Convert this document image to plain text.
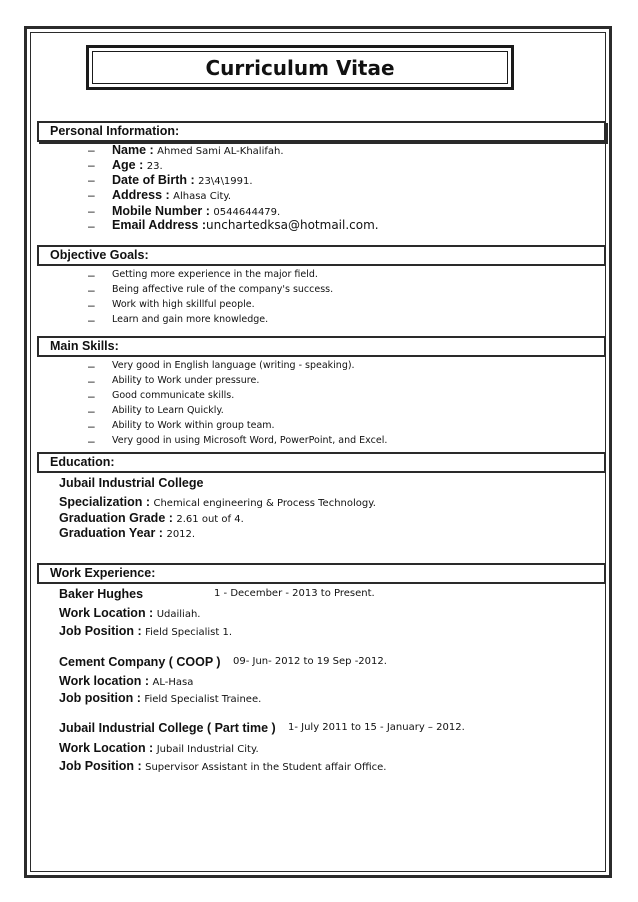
Curriculum Vitae
Personal Information:
– Name : Ahmed Sami AL-Khalifah.
– Age : 23.
– Date of Birth : 23\4\1991.
– Address : Alhasa City.
– Mobile Number : 0544644479.
– Email Address :unchartedksa@hotmail.com.
Objective Goals:
– Getting more experience in the major field.
– Being affective rule of the company's success.
– Work with high skillful people.
– Learn and gain more knowledge.
Main Skills:
– Very good in English language (writing - speaking).
– Ability to Work under pressure.
– Good communicate skills.
– Ability to Learn Quickly.
– Ability to Work within group team.
– Very good in using Microsoft Word, PowerPoint, and Excel.
Education:
Jubail Industrial College
Specialization : Chemical engineering & Process Technology.
Graduation Grade : 2.61 out of 4.
Graduation Year : 2012.
Work Experience:
Baker Hughes	1 - December - 2013 to Present.
Work Location : Udailiah.
Job Position : Field Specialist 1.
Cement Company ( COOP ) 09- Jun- 2012 to 19 Sep -2012.
Work location : AL-Hasa
Job position : Field Specialist Trainee.
Jubail Industrial College ( Part time ) 1- July 2011 to 15 - January – 2012.
Work Location : Jubail Industrial City.
Job Position : Supervisor Assistant in the Student affair Office.
